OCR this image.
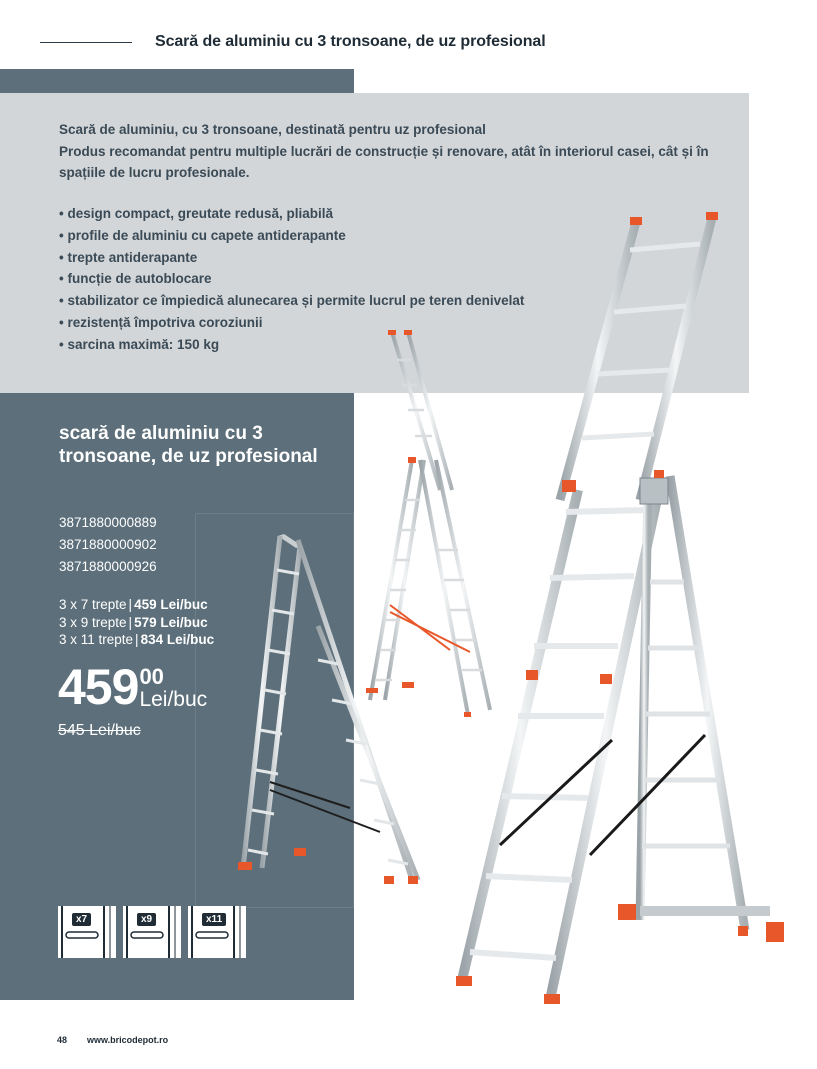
Scară de aluminiu cu 3 tronsoane, de uz profesional
Scară de aluminiu, cu 3 tronsoane, destinată pentru uz profesional
Produs recomandat pentru multiple lucrări de construcție și renovare, atât în interiorul casei, cât și în spațiile de lucru profesionale.
• design compact, greutate redusă, pliabilă
• profile de aluminiu cu capete antiderapante
• trepte antiderapante
• funcție de autoblocare
• stabilizator ce împiedică alunecarea și permite lucrul pe teren denivelat
• rezistență împotriva coroziunii
• sarcina maximă: 150 kg
scară de aluminiu cu 3 tronsoane, de uz profesional
3871880000889
3871880000902
3871880000926
3 x 7 trepte | 459 Lei/buc
3 x 9 trepte | 579 Lei/buc
3 x 11 trepte | 834 Lei/buc
459 00
Lei/buc
545 Lei/buc
x7	x9	x11
48 www.bricodepot.ro
